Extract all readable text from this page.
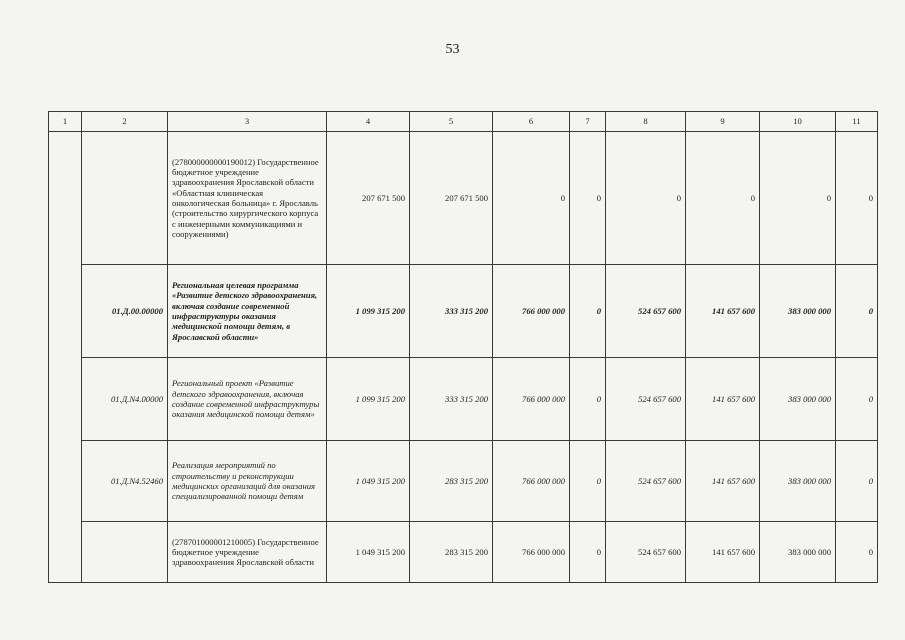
53
1	2	3	4	5	6	7	8	9	10	11
		(278000000000190012) Государственное бюджетное учреждение здравоохранения Ярославской области «Областная клиническая онкологическая больница» г. Ярославль (строительство хирургического корпуса с инженерными коммуникациями и сооружениями)	207 671 500	207 671 500	0	0	0	0	0	0
	01.Д.00.00000	Региональная целевая программа «Развитие детского здравоохранения, включая создание современной инфраструктуры оказания медицинской помощи детям, в Ярославской области»	1 099 315 200	333 315 200	766 000 000	0	524 657 600	141 657 600	383 000 000	0
	01.Д.N4.00000	Региональный проект «Развитие детского здравоохранения, включая создание современной инфраструктуры оказания медицинской помощи детям»	1 099 315 200	333 315 200	766 000 000	0	524 657 600	141 657 600	383 000 000	0
	01.Д.N4.52460	Реализация мероприятий по строительству и реконструкции медицинских организаций для оказания специализированной помощи детям	1 049 315 200	283 315 200	766 000 000	0	524 657 600	141 657 600	383 000 000	0
		(278701000001210005) Государственное бюджетное учреждение здравоохранения Ярославской области	1 049 315 200	283 315 200	766 000 000	0	524 657 600	141 657 600	383 000 000	0
